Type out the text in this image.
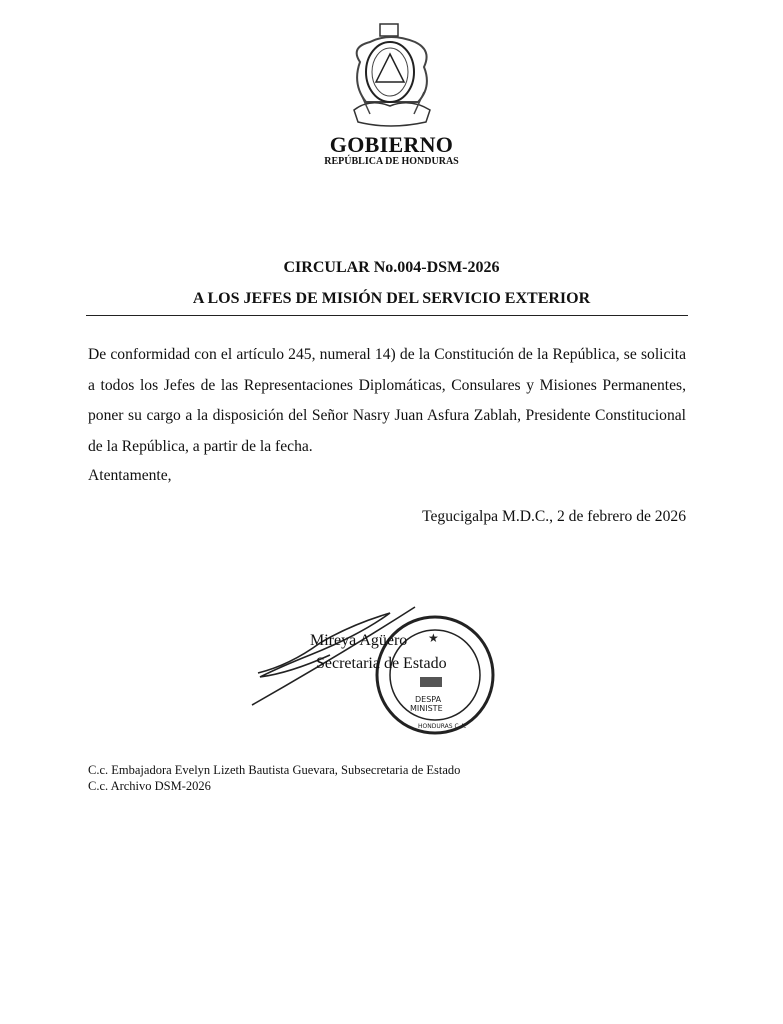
GOBIERNO
REPÚBLICA DE HONDURAS
CIRCULAR No.004-DSM-2026
A LOS JEFES DE MISIÓN DEL SERVICIO EXTERIOR

De conformidad con el artículo 245, numeral 14) de la Constitución de la República, se solicita a todos los Jefes de las Representaciones Diplomáticas, Consulares y Misiones Permanentes, poner su cargo a la disposición del Señor Nasry Juan Asfura Zablah, Presidente Constitucional de la República, a partir de la fecha.

Atentamente,
Tegucigalpa M.D.C., 2 de febrero de 2026
★
DESPA
MINISTE
HONDURAS C.A.
Mireya Agüero
Secretaria de Estado
C.c. Embajadora Evelyn Lizeth Bautista Guevara, Subsecretaria de Estado
C.c. Archivo DSM-2026
